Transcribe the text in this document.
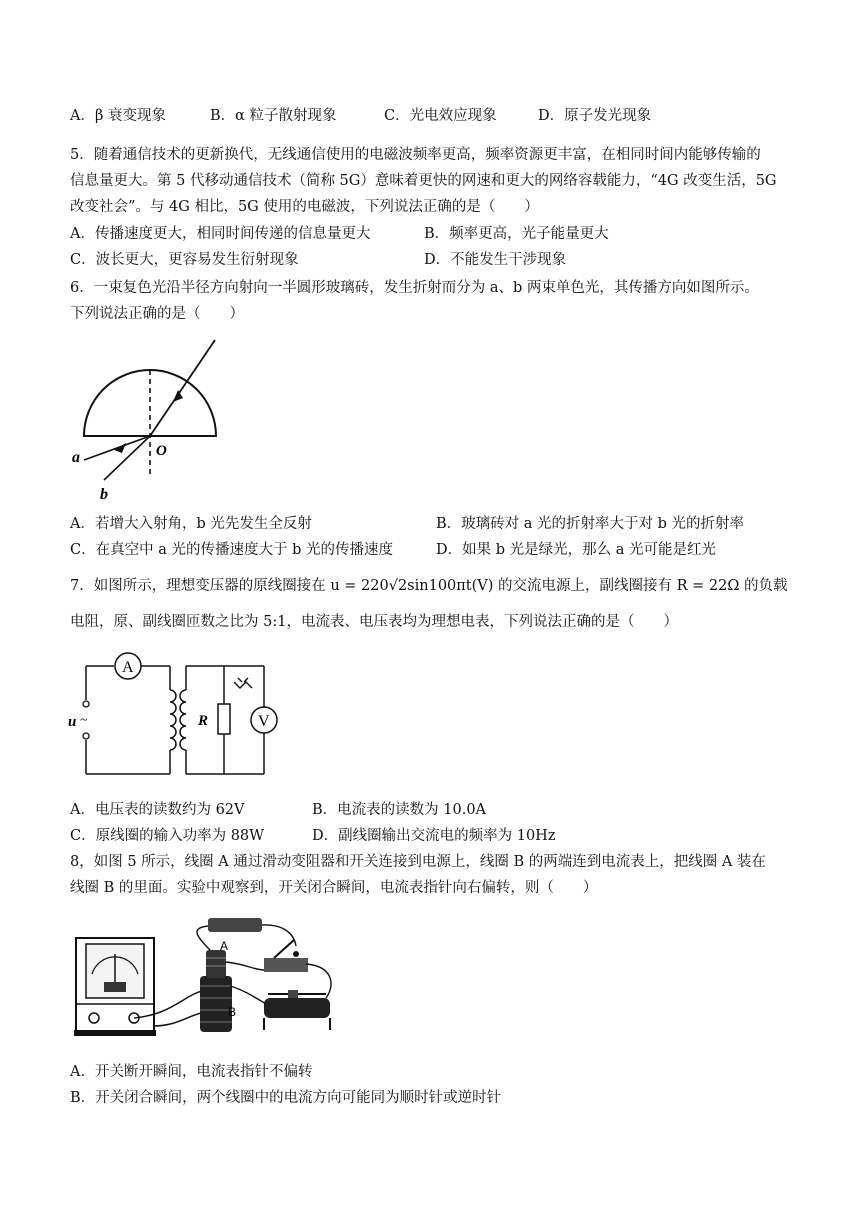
A．β 衰变现象	B．α 粒子散射现象	C．光电效应现象	D．原子发光现象
5．随着通信技术的更新换代，无线通信使用的电磁波频率更高，频率资源更丰富，在相同时间内能够传输的
信息量更大。第 5 代移动通信技术（简称 5G）意味着更快的网速和更大的网络容载能力，“4G 改变生活，5G
改变社会”。与 4G 相比，5G 使用的电磁波，下列说法正确的是（　　）
A．传播速度更大，相同时间传递的信息量更大	B．频率更高，光子能量更大
C．波长更大，更容易发生衍射现象	D．不能发生干涉现象
6．一束复色光沿半径方向射向一半圆形玻璃砖，发生折射而分为 a、b 两束单色光，其传播方向如图所示。
下列说法正确的是（　　）
O
a
b
A．若增大入射角，b 光先发生全反射	B．玻璃砖对 a 光的折射率大于对 b 光的折射率
C．在真空中 a 光的传播速度大于 b 光的传播速度	D．如果 b 光是绿光，那么 a 光可能是红光
7．如图所示，理想变压器的原线圈接在 u = 220√2sin100πt(V) 的交流电源上，副线圈接有 R = 22Ω 的负载
电阻，原、副线圈匝数之比为 5:1，电流表、电压表均为理想电表，下列说法正确的是（　　）
A
u ~	R	V
A．电压表的读数约为 62V	B．电流表的读数为 10.0A
C．原线圈的输入功率为 88W	D．副线圈输出交流电的频率为 10Hz
8，如图 5 所示，线圈 A 通过滑动变阻器和开关连接到电源上，线圈 B 的两端连到电流表上，把线圈 A 装在
线圈 B 的里面。实验中观察到，开关闭合瞬间，电流表指针向右偏转，则（　　）
A
B
A．开关断开瞬间，电流表指针不偏转
B．开关闭合瞬间，两个线圈中的电流方向可能同为顺时针或逆时针
